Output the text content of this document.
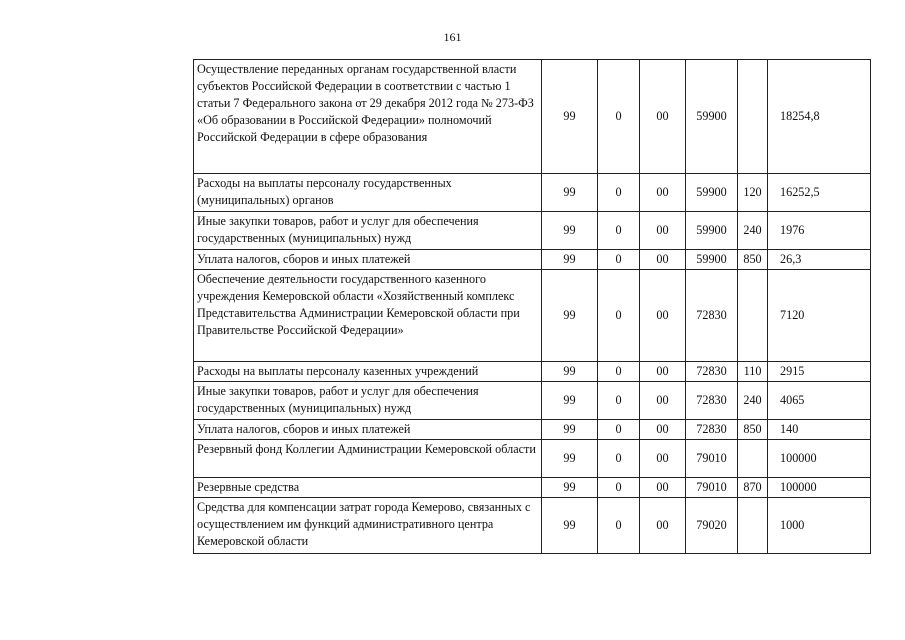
161
Осуществление переданных органам государственной власти субъектов Российской Федерации в соответствии с частью 1 статьи 7 Федерального закона от 29 декабря 2012 года № 273-ФЗ «Об образовании в Российской Федерации» полномочий Российской Федерации в сфере образования	99	0	00	59900		18254,8
Расходы на выплаты персоналу государственных (муниципальных) органов	99	0	00	59900	120	16252,5
Иные закупки товаров, работ и услуг для обеспечения государственных (муниципальных) нужд	99	0	00	59900	240	1976
Уплата налогов, сборов и иных платежей	99	0	00	59900	850	26,3
Обеспечение деятельности государственного казенного учреждения Кемеровской области «Хозяйственный комплекс Представительства Администрации Кемеровской области при Правительстве Российской Федерации»	99	0	00	72830		7120
Расходы на выплаты персоналу казенных учреждений	99	0	00	72830	110	2915
Иные закупки товаров, работ и услуг для обеспечения государственных (муниципальных) нужд	99	0	00	72830	240	4065
Уплата налогов, сборов и иных платежей	99	0	00	72830	850	140
Резервный фонд Коллегии Администрации Кемеровской области	99	0	00	79010		100000
Резервные средства	99	0	00	79010	870	100000
Средства для компенсации затрат города Кемерово, связанных с осуществлением им функций административного центра Кемеровской области	99	0	00	79020		1000
